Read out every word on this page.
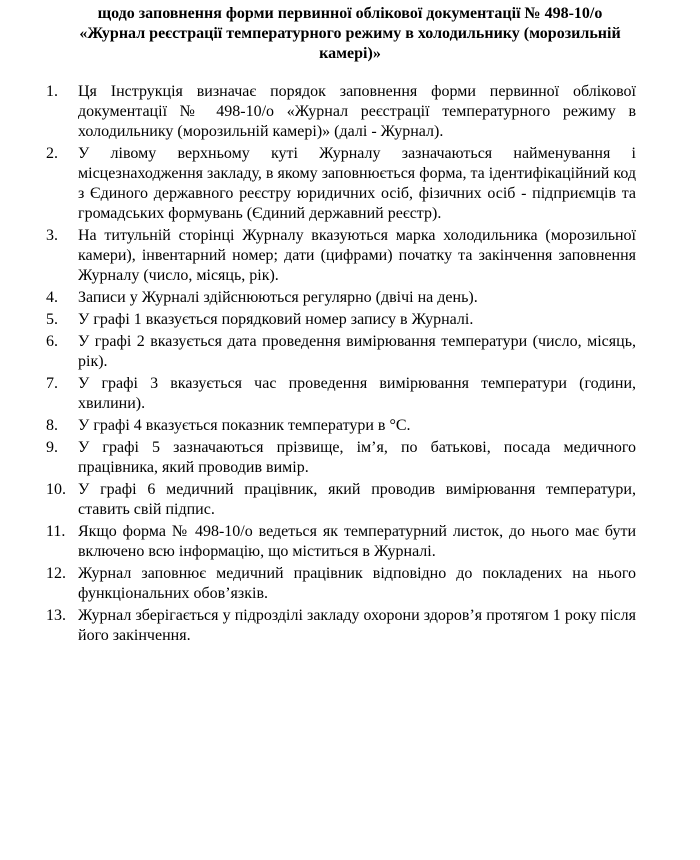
щодо заповнення форми первинної облікової документації № 498-10/о
«Журнал реєстрації температурного режиму в холодильнику (морозильній
камері)»
1.	Ця Інструкція визначає порядок заповнення форми первинної облікової документації № 498-10/о «Журнал реєстрації температурного режиму в холодильнику (морозильній камері)» (далі - Журнал).
2.	У лівому верхньому куті Журналу зазначаються найменування і місцезнаходження закладу, в якому заповнюється форма, та ідентифікаційний код з Єдиного державного реєстру юридичних осіб, фізичних осіб - підприємців та громадських формувань (Єдиний державний реєстр).
3.	На титульній сторінці Журналу вказуються марка холодильника (морозильної камери), інвентарний номер; дати (цифрами) початку та закінчення заповнення Журналу (число, місяць, рік).
4.	Записи у Журналі здійснюються регулярно (двічі на день).
5.	У графі 1 вказується порядковий номер запису в Журналі.
6.	У графі 2 вказується дата проведення вимірювання температури (число, місяць, рік).
7.	У графі 3 вказується час проведення вимірювання температури (години, хвилини).
8.	У графі 4 вказується показник температури в °С.
9.	У графі 5 зазначаються прізвище, ім’я, по батькові, посада медичного працівника, який проводив вимір.
10. У графі 6 медичний працівник, який проводив вимірювання температури, ставить свій підпис.
11. Якщо форма № 498-10/о ведеться як температурний листок, до нього має бути включено всю інформацію, що міститься в Журналі.
12. Журнал заповнює медичний працівник відповідно до покладених на нього функціональних обов’язків.
13. Журнал зберігається у підрозділі закладу охорони здоров’я протягом 1 року після його закінчення.
